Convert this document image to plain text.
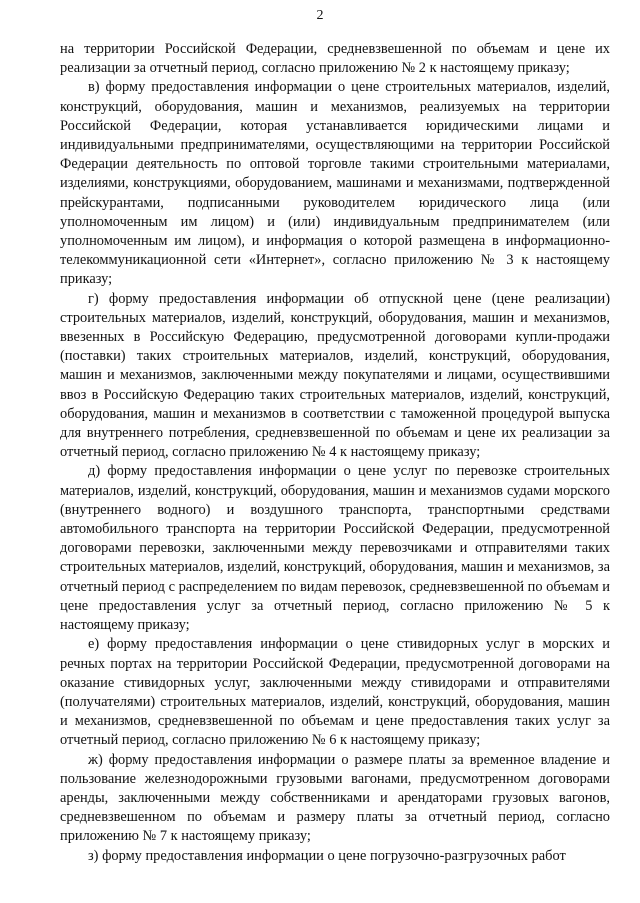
2

на территории Российской Федерации, средневзвешенной по объемам и цене их реализации за отчетный период, согласно приложению № 2 к настоящему приказу;

в) форму предоставления информации о цене строительных материалов, изделий, конструкций, оборудования, машин и механизмов, реализуемых на территории Российской Федерации, которая устанавливается юридическими лицами и индивидуальными предпринимателями, осуществляющими на территории Российской Федерации деятельность по оптовой торговле такими строительными материалами, изделиями, конструкциями, оборудованием, машинами и механизмами, подтвержденной прейскурантами, подписанными руководителем юридического лица (или уполномоченным им лицом) и (или) индивидуальным предпринимателем (или уполномоченным им лицом), и информация о которой размещена в информационно-телекоммуникационной сети «Интернет», согласно приложению № 3 к настоящему приказу;

г) форму предоставления информации об отпускной цене (цене реализации) строительных материалов, изделий, конструкций, оборудования, машин и механизмов, ввезенных в Российскую Федерацию, предусмотренной договорами купли-продажи (поставки) таких строительных материалов, изделий, конструкций, оборудования, машин и механизмов, заключенными между покупателями и лицами, осуществившими ввоз в Российскую Федерацию таких строительных материалов, изделий, конструкций, оборудования, машин и механизмов в соответствии с таможенной процедурой выпуска для внутреннего потребления, средневзвешенной по объемам и цене их реализации за отчетный период, согласно приложению № 4 к настоящему приказу;

д) форму предоставления информации о цене услуг по перевозке строительных материалов, изделий, конструкций, оборудования, машин и механизмов судами морского (внутреннего водного) и воздушного транспорта, транспортными средствами автомобильного транспорта на территории Российской Федерации, предусмотренной договорами перевозки, заключенными между перевозчиками и отправителями таких строительных материалов, изделий, конструкций, оборудования, машин и механизмов, за отчетный период с распределением по видам перевозок, средневзвешенной по объемам и цене предоставления услуг за отчетный период, согласно приложению № 5 к настоящему приказу;

е) форму предоставления информации о цене стивидорных услуг в морских и речных портах на территории Российской Федерации, предусмотренной договорами на оказание стивидорных услуг, заключенными между стивидорами и отправителями (получателями) строительных материалов, изделий, конструкций, оборудования, машин и механизмов, средневзвешенной по объемам и цене предоставления таких услуг за отчетный период, согласно приложению № 6 к настоящему приказу;

ж) форму предоставления информации о размере платы за временное владение и пользование железнодорожными грузовыми вагонами, предусмотренном договорами аренды, заключенными между собственниками и арендаторами грузовых вагонов, средневзвешенном по объемам и размеру платы за отчетный период, согласно приложению № 7 к настоящему приказу;

з) форму предоставления информации о цене погрузочно-разгрузочных работ
